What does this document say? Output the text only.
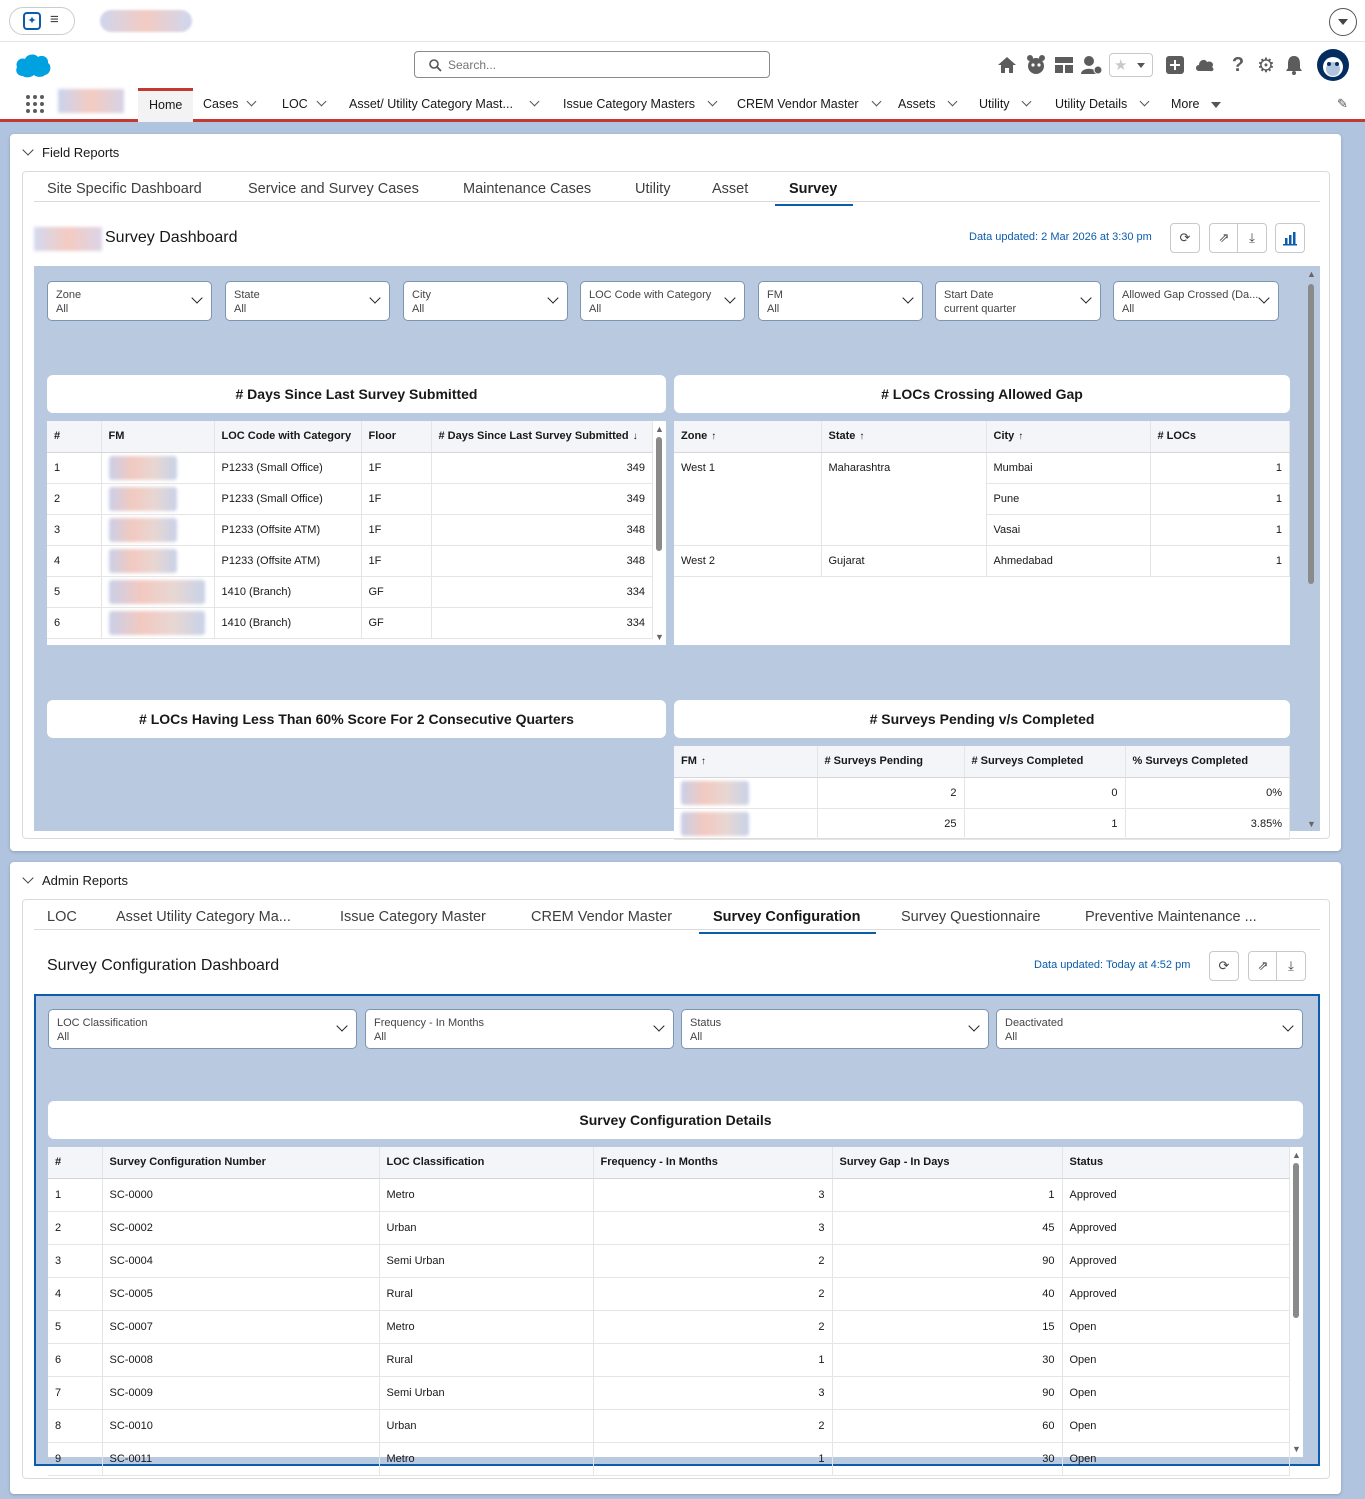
✦ ≡
Search...
★	? ⚙
Home	Cases	LOC	Asset/ Utility Category Mast...	Issue Category Masters	CREM Vendor Master	Assets	Utility	Utility Details	More	✎
Field Reports
Site Specific Dashboard	Service and Survey Cases	Maintenance Cases	Utility	Asset	Survey
Survey Dashboard	Data updated: 2 Mar 2026 at 3:30 pm ⟳ ⇗ ⤓
▲
▼
Zone
All
State
All
City
All
LOC Code with Category
All
FM
All
Start Date
current quarter
Allowed Gap Crossed (Da...
All
# Days Since Last Survey Submitted
#	FM	LOC Code with Category	Floor	# Days Since Last Survey Submitted ↓
1		P1233 (Small Office)	1F	349
2		P1233 (Small Office)	1F	349
3		P1233 (Offsite ATM)	1F	348
4		P1233 (Offsite ATM)	1F	348
5		1410 (Branch)	GF	334
6		1410 (Branch)	GF	334
▲
▼
# LOCs Crossing Allowed Gap
Zone ↑	State ↑	City ↑	# LOCs
West 1	Maharashtra	Mumbai	1
		Pune	1
		Vasai	1
West 2	Gujarat	Ahmedabad	1
# LOCs Having Less Than 60% Score For 2 Consecutive Quarters	# Surveys Pending v/s Completed
FM ↑	# Surveys Pending	# Surveys Completed	% Surveys Completed
	2	0	0%
	25	1	3.85%
Admin Reports
LOC	Asset Utility Category Ma...	Issue Category Master	CREM Vendor Master	Survey Configuration	Survey Questionnaire	Preventive Maintenance ...
Survey Configuration Dashboard	Data updated: Today at 4:52 pm ⟳ ⇗ ⤓
LOC Classification
All
Frequency - In Months
All
Status
All
Deactivated
All
Survey Configuration Details
#	Survey Configuration Number	LOC Classification	Frequency - In Months	Survey Gap - In Days	Status
1	SC-0000	Metro	3	1	Approved
2	SC-0002	Urban	3	45	Approved
3	SC-0004	Semi Urban	2	90	Approved
4	SC-0005	Rural	2	40	Approved
5	SC-0007	Metro	2	15	Open
6	SC-0008	Rural	1	30	Open
7	SC-0009	Semi Urban	3	90	Open
8	SC-0010	Urban	2	60	Open
9	SC-0011	Metro	1	30	Open
▲
▼
